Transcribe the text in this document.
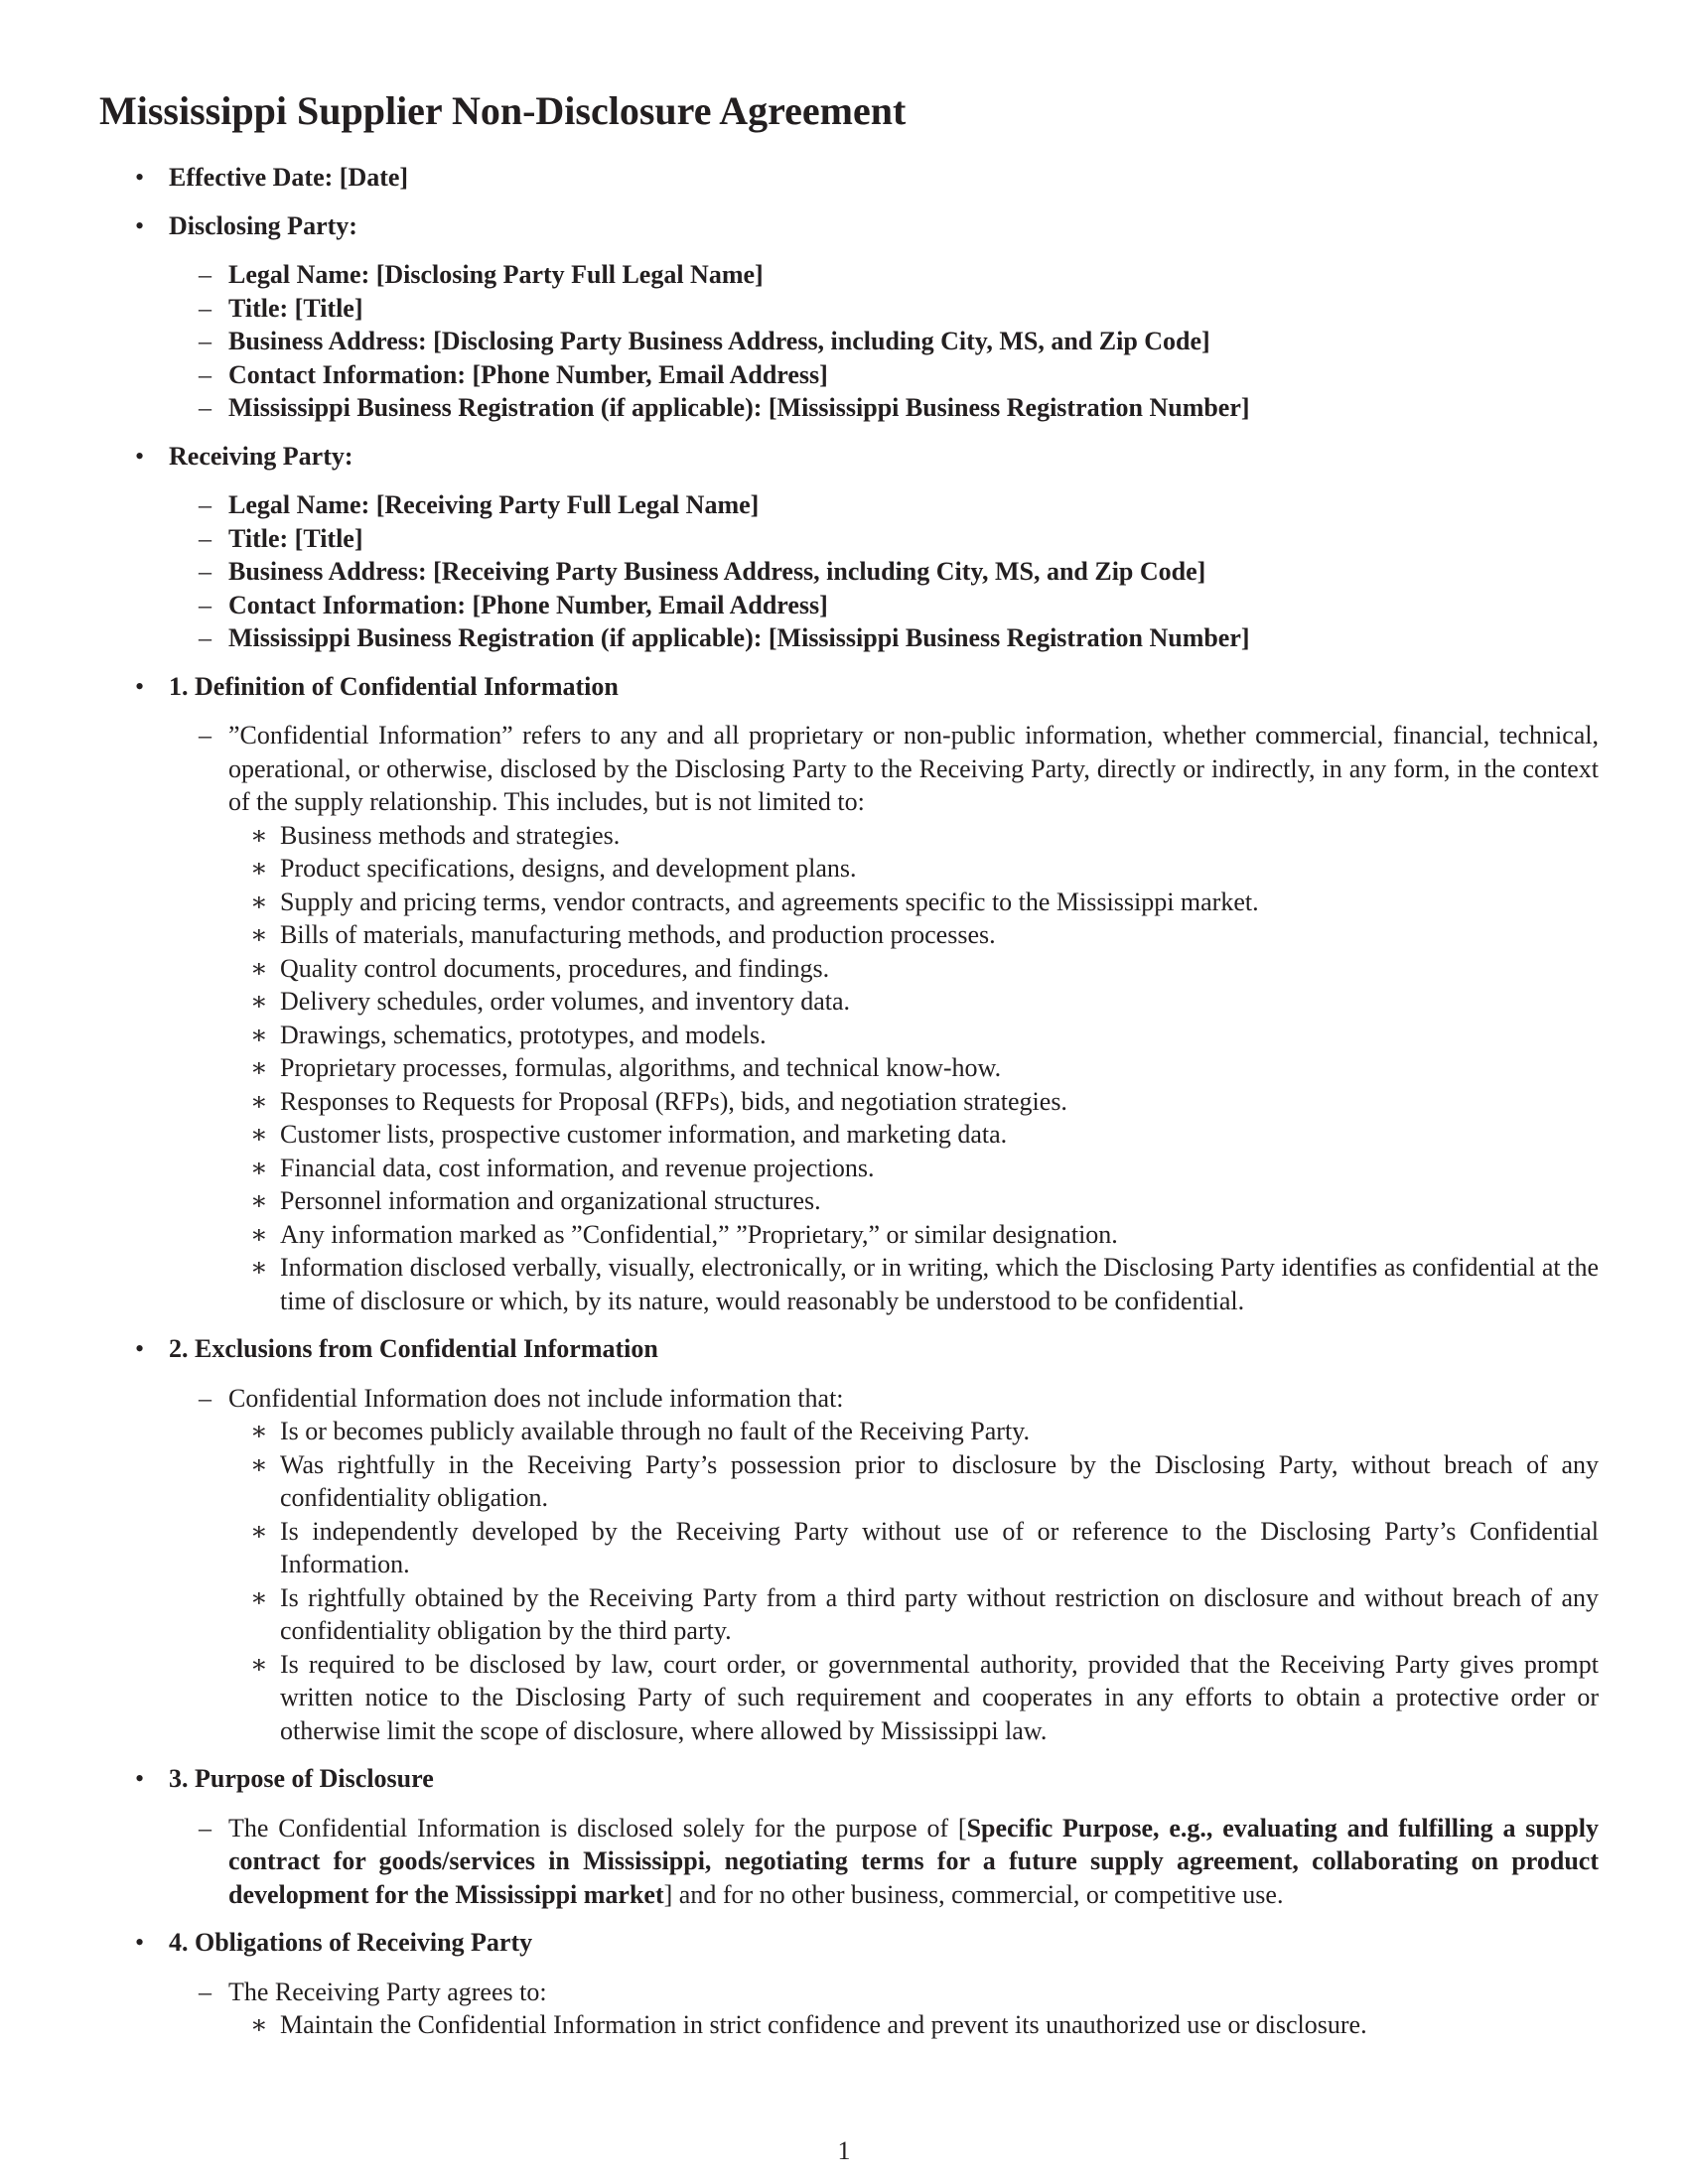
Mississippi Supplier Non-Disclosure Agreement
• Effective Date: [Date]
• Disclosing Party:
– Legal Name: [Disclosing Party Full Legal Name]
– Title: [Title]
– Business Address: [Disclosing Party Business Address, including City, MS, and Zip Code]
– Contact Information: [Phone Number, Email Address]
– Mississippi Business Registration (if applicable): [Mississippi Business Registration Number]
• Receiving Party:
– Legal Name: [Receiving Party Full Legal Name]
– Title: [Title]
– Business Address: [Receiving Party Business Address, including City, MS, and Zip Code]
– Contact Information: [Phone Number, Email Address]
– Mississippi Business Registration (if applicable): [Mississippi Business Registration Number]
• 1. Definition of Confidential Information
– ”Confidential Information” refers to any and all proprietary or non-public information, whether commercial, financial, technical, operational, or otherwise, disclosed by the Disclosing Party to the Receiving Party, directly or indirectly, in any form, in the context of the supply relationship. This includes, but is not limited to:
∗ Business methods and strategies.
∗ Product specifications, designs, and development plans.
∗ Supply and pricing terms, vendor contracts, and agreements specific to the Mississippi market.
∗ Bills of materials, manufacturing methods, and production processes.
∗ Quality control documents, procedures, and findings.
∗ Delivery schedules, order volumes, and inventory data.
∗ Drawings, schematics, prototypes, and models.
∗ Proprietary processes, formulas, algorithms, and technical know-how.
∗ Responses to Requests for Proposal (RFPs), bids, and negotiation strategies.
∗ Customer lists, prospective customer information, and marketing data.
∗ Financial data, cost information, and revenue projections.
∗ Personnel information and organizational structures.
∗ Any information marked as ”Confidential,” ”Proprietary,” or similar designation.
∗ Information disclosed verbally, visually, electronically, or in writing, which the Disclosing Party identifies as confidential at the time of disclosure or which, by its nature, would reasonably be understood to be confidential.
• 2. Exclusions from Confidential Information
– Confidential Information does not include information that:
∗ Is or becomes publicly available through no fault of the Receiving Party.
∗ Was rightfully in the Receiving Party’s possession prior to disclosure by the Disclosing Party, without breach of any confidentiality obligation.
∗ Is independently developed by the Receiving Party without use of or reference to the Disclosing Party’s Confidential Information.
∗ Is rightfully obtained by the Receiving Party from a third party without restriction on disclosure and without breach of any confidentiality obligation by the third party.
∗ Is required to be disclosed by law, court order, or governmental authority, provided that the Receiving Party gives prompt written notice to the Disclosing Party of such requirement and cooperates in any efforts to obtain a protective order or otherwise limit the scope of disclosure, where allowed by Mississippi law.
• 3. Purpose of Disclosure
– The Confidential Information is disclosed solely for the purpose of [Specific Purpose, e.g., evaluating and fulfilling a supply contract for goods/services in Mississippi, negotiating terms for a future supply agreement, collaborating on product development for the Mississippi market] and for no other business, commercial, or competitive use.
• 4. Obligations of Receiving Party
– The Receiving Party agrees to:
∗ Maintain the Confidential Information in strict confidence and prevent its unauthorized use or disclosure.
1
